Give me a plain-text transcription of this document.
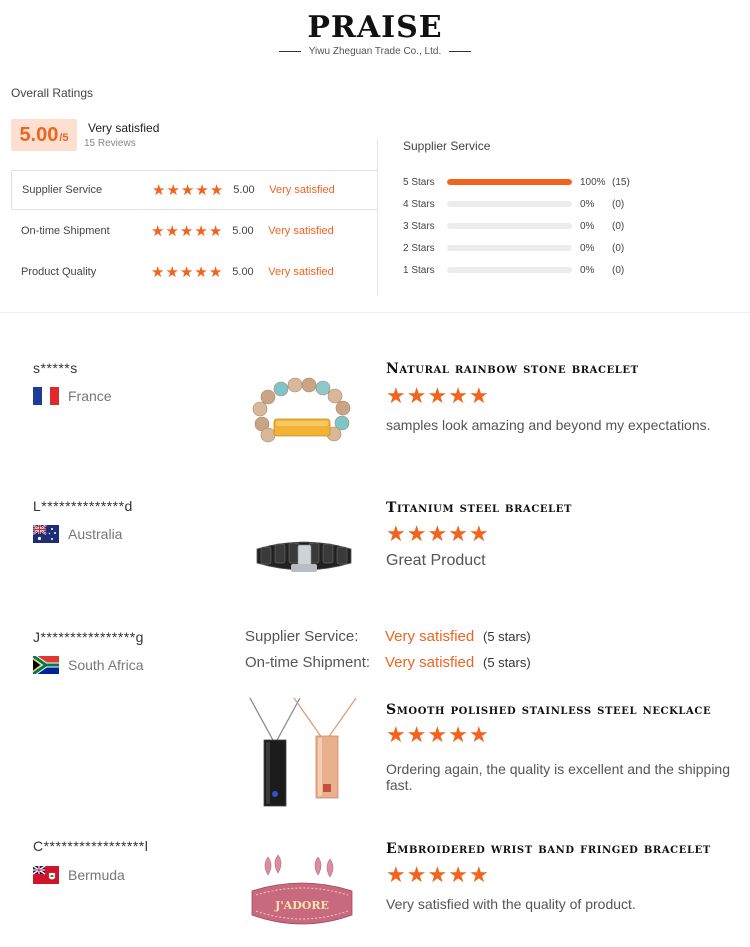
PRAISE
Yiwu Zheguan Trade Co., Ltd.
Overall Ratings
5.00 /5
Very satisfied
15 Reviews
Supplier Service	★ ★ ★ ★ ★ 5.00	Very satisfied
On-time Shipment	★ ★ ★ ★ ★ 5.00	Very satisfied
Product Quality	★ ★ ★ ★ ★ 5.00	Very satisfied
Supplier Service
5 Stars	100% (15)
4 Stars	0%	(0)
3 Stars	0%	(0)
2 Stars	0%	(0)
1 Stars	0%	(0)
s*****s
France
Natural rainbow stone bracelet
★ ★ ★ ★ ★
samples look amazing and beyond my expectations.
L**************d
Australia
Titanium steel bracelet
★ ★ ★ ★ ★
Great Product
J****************g
South Africa
Supplier Service: Very satisfied (5 stars)
On-time Shipment: Very satisfied (5 stars)
Smooth polished stainless steel necklace
★ ★ ★ ★ ★
Ordering again, the quality is excellent and the shipping fast.
C*****************l
Bermuda
J'ADORE
Embroidered wrist band fringed bracelet
★ ★ ★ ★ ★
Very satisfied with the quality of product.
